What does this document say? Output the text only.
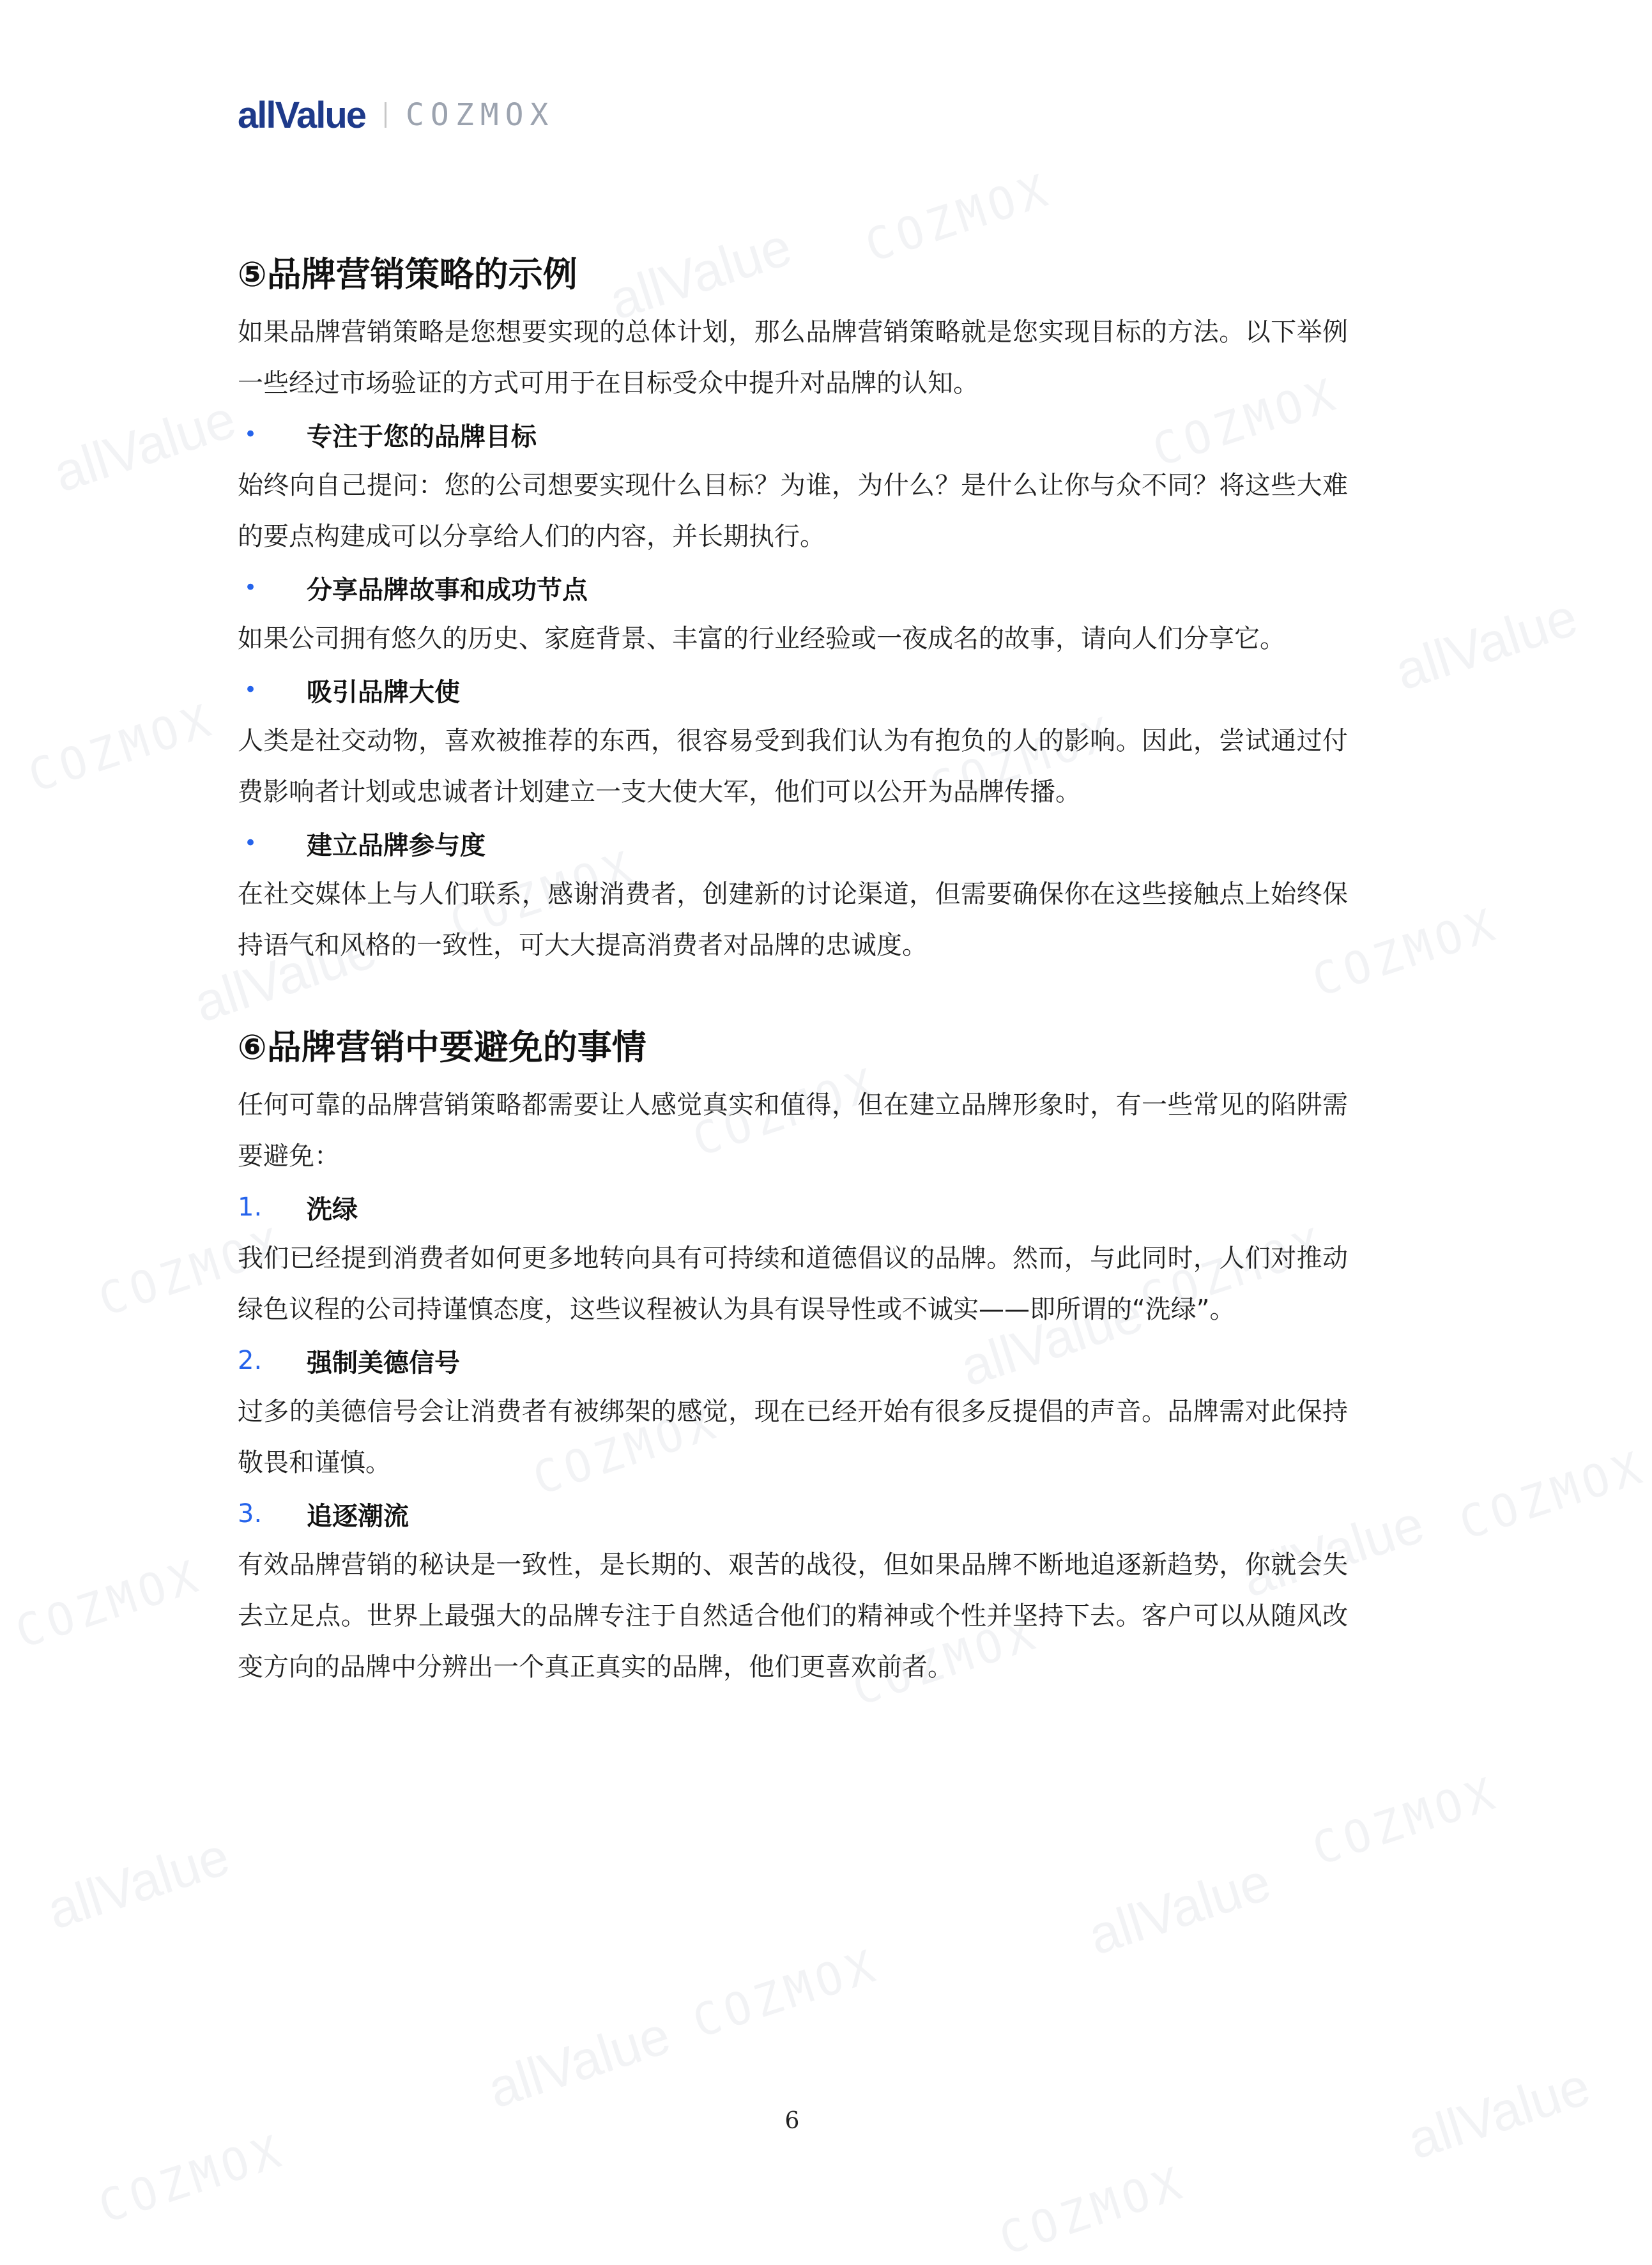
allValue COZMOX
allValue	COZMOX
allValue
COZMOX	COZMOX
COZMOX
allValue	COZMOX
COZMOX
COZMOX
allValue
COZMOX
COZMOX	COZMOX
allValue
COZMOX
COZMOX
COZMOX
allValue	allValue
COZMOX
allValue	allValue
COZMOX	COZMOX
allValue COZMOX
⑤品牌营销策略的示例

如果品牌营销策略是您想要实现的总体计划，那么品牌营销策略就是您实现目标的方法。以下举例一些经过市场验证的方式可用于在目标受众中提升对品牌的认知。

•	专注于您的品牌目标

始终向自己提问：您的公司想要实现什么目标？为谁，为什么？是什么让你与众不同？将这些大难的要点构建成可以分享给人们的内容，并长期执行。

•	分享品牌故事和成功节点

如果公司拥有悠久的历史、家庭背景、丰富的行业经验或一夜成名的故事，请向人们分享它。

•	吸引品牌大使

人类是社交动物，喜欢被推荐的东西，很容易受到我们认为有抱负的人的影响。因此，尝试通过付费影响者计划或忠诚者计划建立一支大使大军，他们可以公开为品牌传播。

•	建立品牌参与度

在社交媒体上与人们联系，感谢消费者，创建新的讨论渠道，但需要确保你在这些接触点上始终保持语气和风格的一致性，可大大提高消费者对品牌的忠诚度。

⑥品牌营销中要避免的事情

任何可靠的品牌营销策略都需要让人感觉真实和值得，但在建立品牌形象时，有一些常见的陷阱需要避免：

1.	洗绿

我们已经提到消费者如何更多地转向具有可持续和道德倡议的品牌。然而，与此同时，人们对推动绿色议程的公司持谨慎态度，这些议程被认为具有误导性或不诚实——即所谓的“洗绿”。

2.	强制美德信号

过多的美德信号会让消费者有被绑架的感觉，现在已经开始有很多反提倡的声音。品牌需对此保持敬畏和谨慎。

3.	追逐潮流

有效品牌营销的秘诀是一致性，是长期的、艰苦的战役，但如果品牌不断地追逐新趋势，你就会失去立足点。世界上最强大的品牌专注于自然适合他们的精神或个性并坚持下去。客户可以从随风改变方向的品牌中分辨出一个真正真实的品牌，他们更喜欢前者。

6
